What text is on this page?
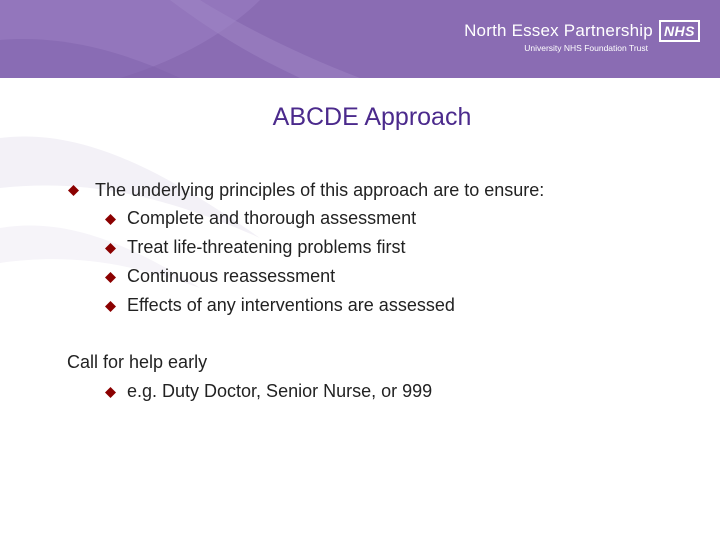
North Essex Partnership NHS
University NHS Foundation Trust
ABCDE Approach
The underlying principles of this approach are to ensure:
Complete and thorough assessment
Treat life-threatening problems first
Continuous reassessment
Effects of any interventions are assessed
Call for help early
e.g. Duty Doctor, Senior Nurse, or 999
